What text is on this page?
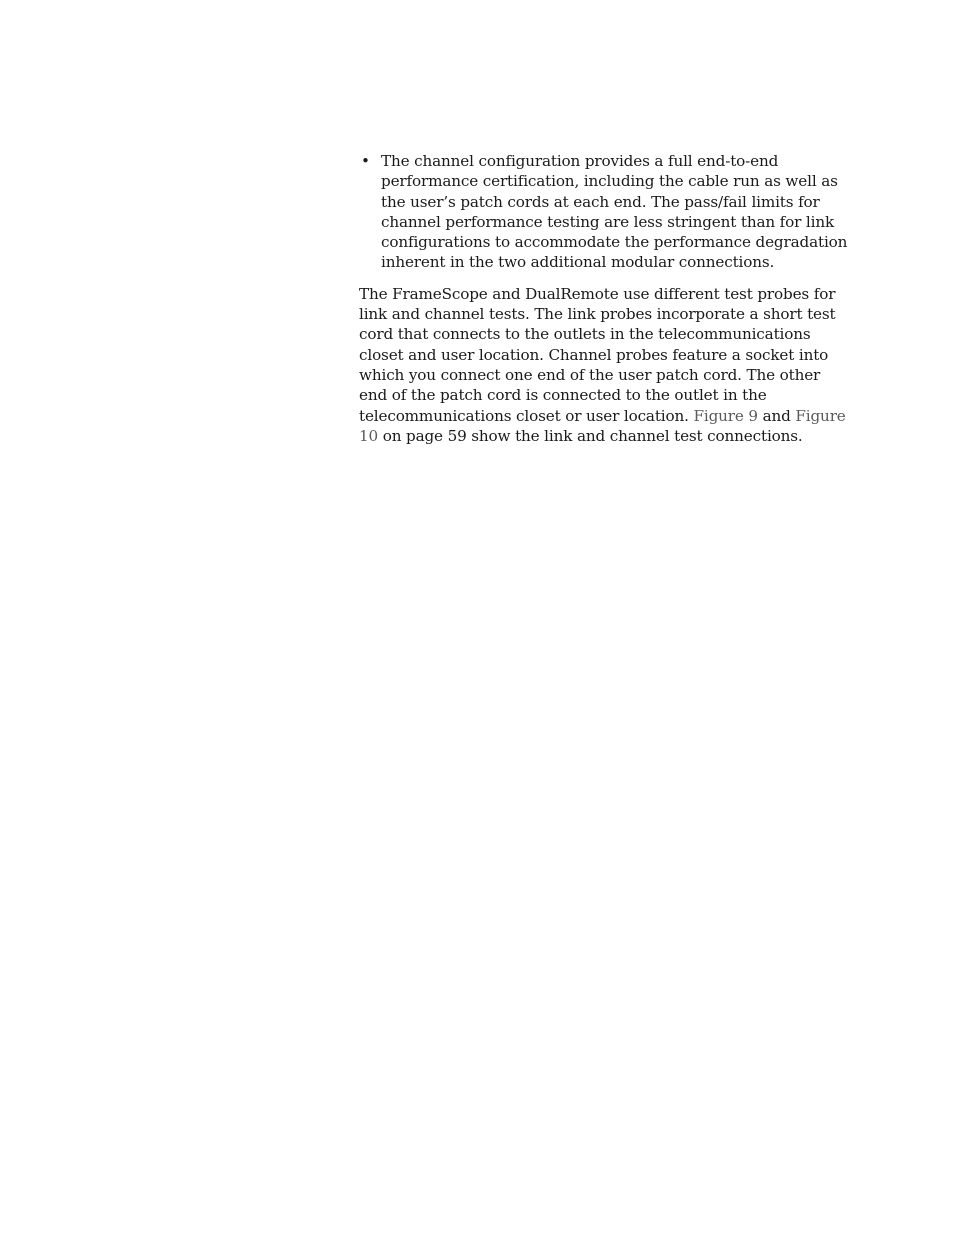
• The channel configuration provides a full end-to-end performance certification, including the cable run as well as the user’s patch cords at each end. The pass/fail limits for channel performance testing are less stringent than for link configurations to accommodate the performance degradation inherent in the two additional modular connections.

The FrameScope and DualRemote use different test probes for link and channel tests. The link probes incorporate a short test cord that connects to the outlets in the telecommunications closet and user location. Channel probes feature a socket into which you connect one end of the user patch cord. The other end of the patch cord is connected to the outlet in the telecommunications closet or user location. Figure 9 and Figure 10 on page 59 show the link and channel test connections.
